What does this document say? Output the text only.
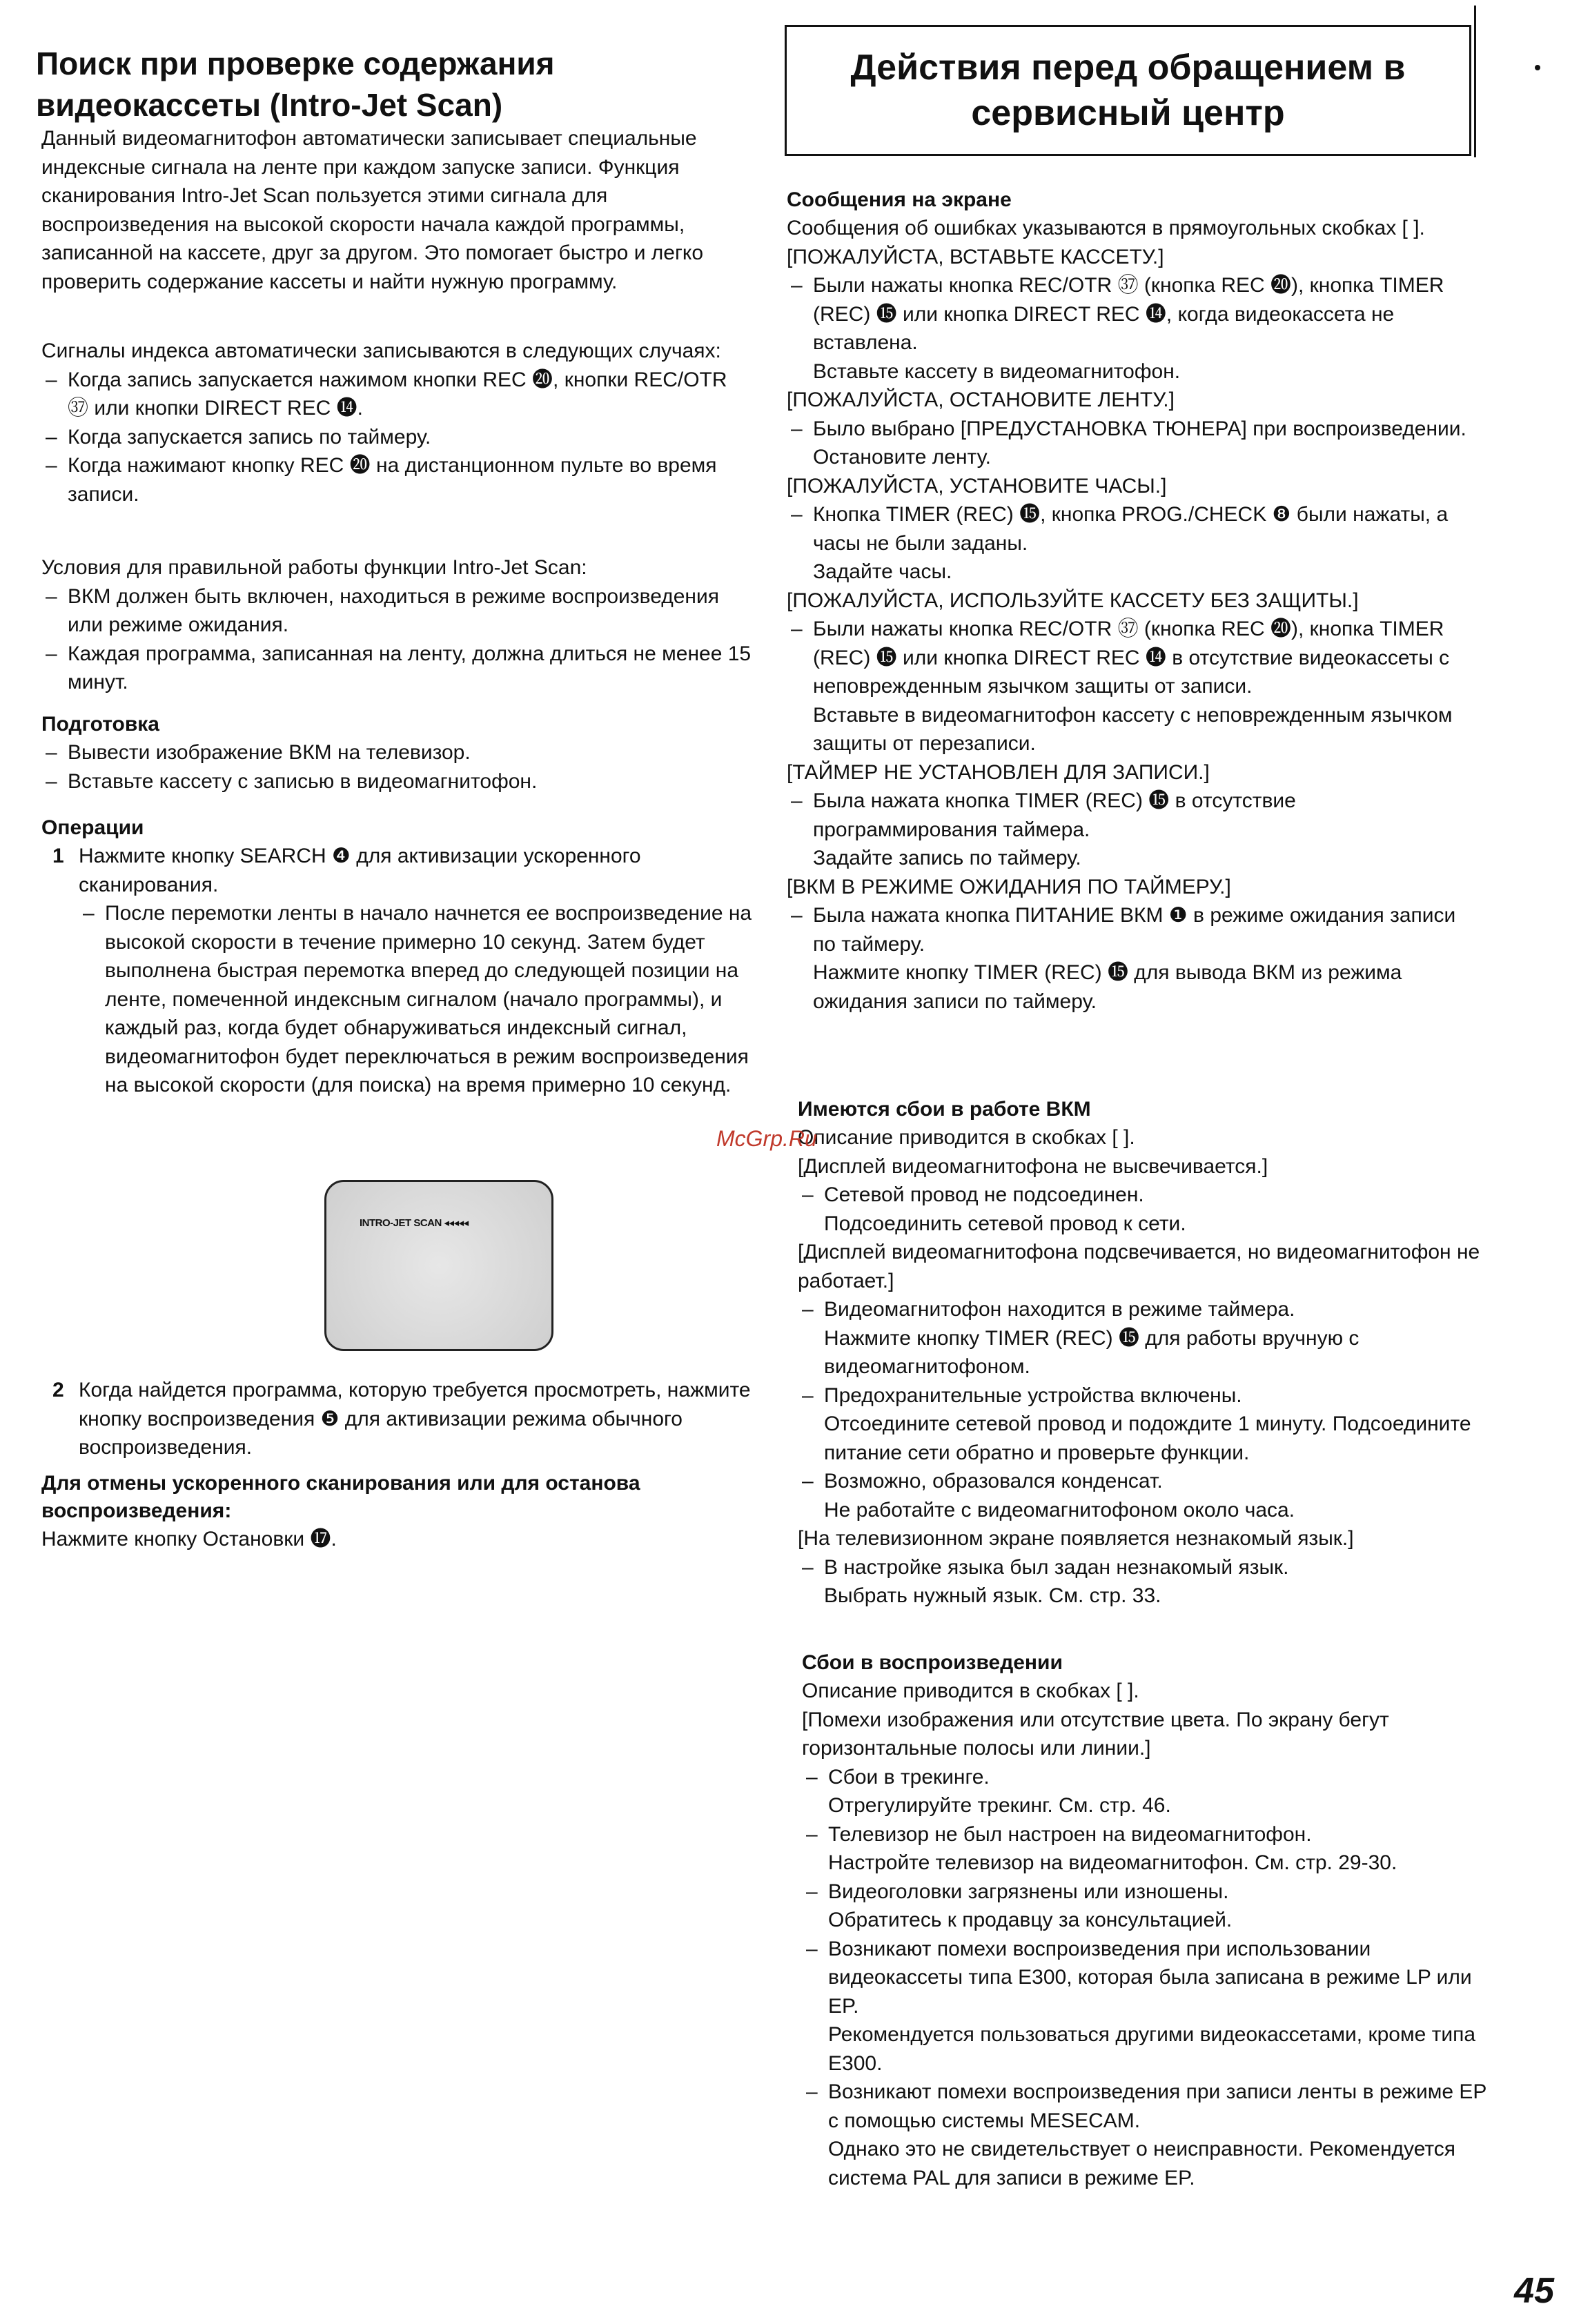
Поиск при проверке содержания видеокассеты (Intro-Jet Scan)

Данный видеомагнитофон автоматически записывает специальные индексные сигнала на ленте при каждом запуске записи. Функция сканирования Intro-Jet Scan пользуется этими сигнала для воспроизведения на высокой скорости начала каждой программы, записанной на кассете, друг за другом. Это помогает быстро и легко проверить содержание кассеты и найти нужную программу.

Сигналы индекса автоматически записываются в следующих случаях:

– Когда запись запускается нажимом кнопки REC ⓴, кнопки REC/OTR ㊲ или кнопки DIRECT REC ⓮.

– Когда запускается запись по таймеру.

– Когда нажимают кнопку REC ⓴ на дистанционном пульте во время записи.

Условия для правильной работы функции Intro-Jet Scan:

– ВКМ должен быть включен, находиться в режиме воспроизведения или режиме ожидания.

– Каждая программа, записанная на ленту, должна длиться не менее 15 минут.

Подготовка

– Вывести изображение ВКМ на телевизор.

– Вставьте кассету с записью в видеомагнитофон.

Операции

1 Нажмите кнопку SEARCH ❹ для активизации ускоренного сканирования.

– После перемотки ленты в начало начнется ее воспроизведение на высокой скорости в течение примерно 10 секунд. Затем будет выполнена быстрая перемотка вперед до следующей позиции на ленте, помеченной индексным сигналом (начало программы), и каждый раз, когда будет обнаруживаться индексный сигнал, видеомагнитофон будет переключаться в режим воспроизведения на высокой скорости (для поиска) на время примерно 10 секунд.

INTRO-JET SCAN ◂◂◂◂◂
2 Когда найдется программа, которую требуется просмотреть, нажмите кнопку воспроизведения ❺ для активизации режима обычного воспроизведения.

Для отмены ускоренного сканирования или для останова воспроизведения:

Нажмите кнопку Остановки ⓱.

Действия перед обращением в
сервисный центр

Сообщения на экране

Сообщения об ошибках указываются в прямоугольных скобках [ ].

[ПОЖАЛУЙСТА, ВСТАВЬТЕ КАССЕТУ.]

– Были нажаты кнопка REC/OTR ㊲ (кнопка REC ⓴), кнопка TIMER (REC) ⓯ или кнопка DIRECT REC ⓮, когда видеокассета не вставлена.

Вставьте кассету в видеомагнитофон.

[ПОЖАЛУЙСТА, ОСТАНОВИТЕ ЛЕНТУ.]

– Было выбрано [ПРЕДУСТАНОВКА ТЮНЕРА] при воспроизведении.

Остановите ленту.

[ПОЖАЛУЙСТА, УСТАНОВИТЕ ЧАСЫ.]

– Кнопка TIMER (REC) ⓯, кнопка PROG./CHECK ❽ были нажаты, а часы не были заданы.

Задайте часы.

[ПОЖАЛУЙСТА, ИСПОЛЬЗУЙТЕ КАССЕТУ БЕЗ ЗАЩИТЫ.]

– Были нажаты кнопка REC/OTR ㊲ (кнопка REC ⓴), кнопка TIMER (REC) ⓯ или кнопка DIRECT REC ⓮ в отсутствие видеокассеты с неповрежденным язычком защиты от записи.

Вставьте в видеомагнитофон кассету с неповрежденным язычком защиты от перезаписи.

[ТАЙМЕР НЕ УСТАНОВЛЕН ДЛЯ ЗАПИСИ.]

– Была нажата кнопка TIMER (REC) ⓯ в отсутствие программирования таймера.

Задайте запись по таймеру.

[ВКМ В РЕЖИМЕ ОЖИДАНИЯ ПО ТАЙМЕРУ.]

– Была нажата кнопка ПИТАНИЕ ВКМ ❶ в режиме ожидания записи по таймеру.

Нажмите кнопку TIMER (REC) ⓯ для вывода ВКМ из режима ожидания записи по таймеру.

Имеются сбои в работе ВКМ

Описание приводится в скобках [ ].

[Дисплей видеомагнитофона не высвечивается.]

– Сетевой провод не подсоединен.

Подсоединить сетевой провод к сети.

[Дисплей видеомагнитофона подсвечивается, но видеомагнитофон не работает.]

– Видеомагнитофон находится в режиме таймера.

Нажмите кнопку TIMER (REC) ⓯ для работы вручную с видеомагнитофоном.

– Предохранительные устройства включены.

Отсоедините сетевой провод и подождите 1 минуту. Подсоедините питание сети обратно и проверьте функции.

– Возможно, образовался конденсат.

Не работайте с видеомагнитофоном около часа.

[На телевизионном экране появляется незнакомый язык.]

– В настройке языка был задан незнакомый язык.

Выбрать нужный язык. См. стр. 33.

Сбои в воспроизведении

Описание приводится в скобках [ ].

[Помехи изображения или отсутствие цвета. По экрану бегут горизонтальные полосы или линии.]

– Сбои в трекинге.

Отрегулируйте трекинг. См. стр. 46.

– Телевизор не был настроен на видеомагнитофон.

Настройте телевизор на видеомагнитофон. См. стр. 29-30.

– Видеоголовки загрязнены или изношены.

Обратитесь к продавцу за консультацией.

– Возникают помехи воспроизведения при использовании видеокассеты типа E300, которая была записана в режиме LP или EP.

Рекомендуется пользоваться другими видеокассетами, кроме типа E300.

– Возникают помехи воспроизведения при записи ленты в режиме EP с помощью системы MESECAM.

Однако это не свидетельствует о неисправности. Рекомендуется система PAL для записи в режиме EP.

McGrp.Ru
45
